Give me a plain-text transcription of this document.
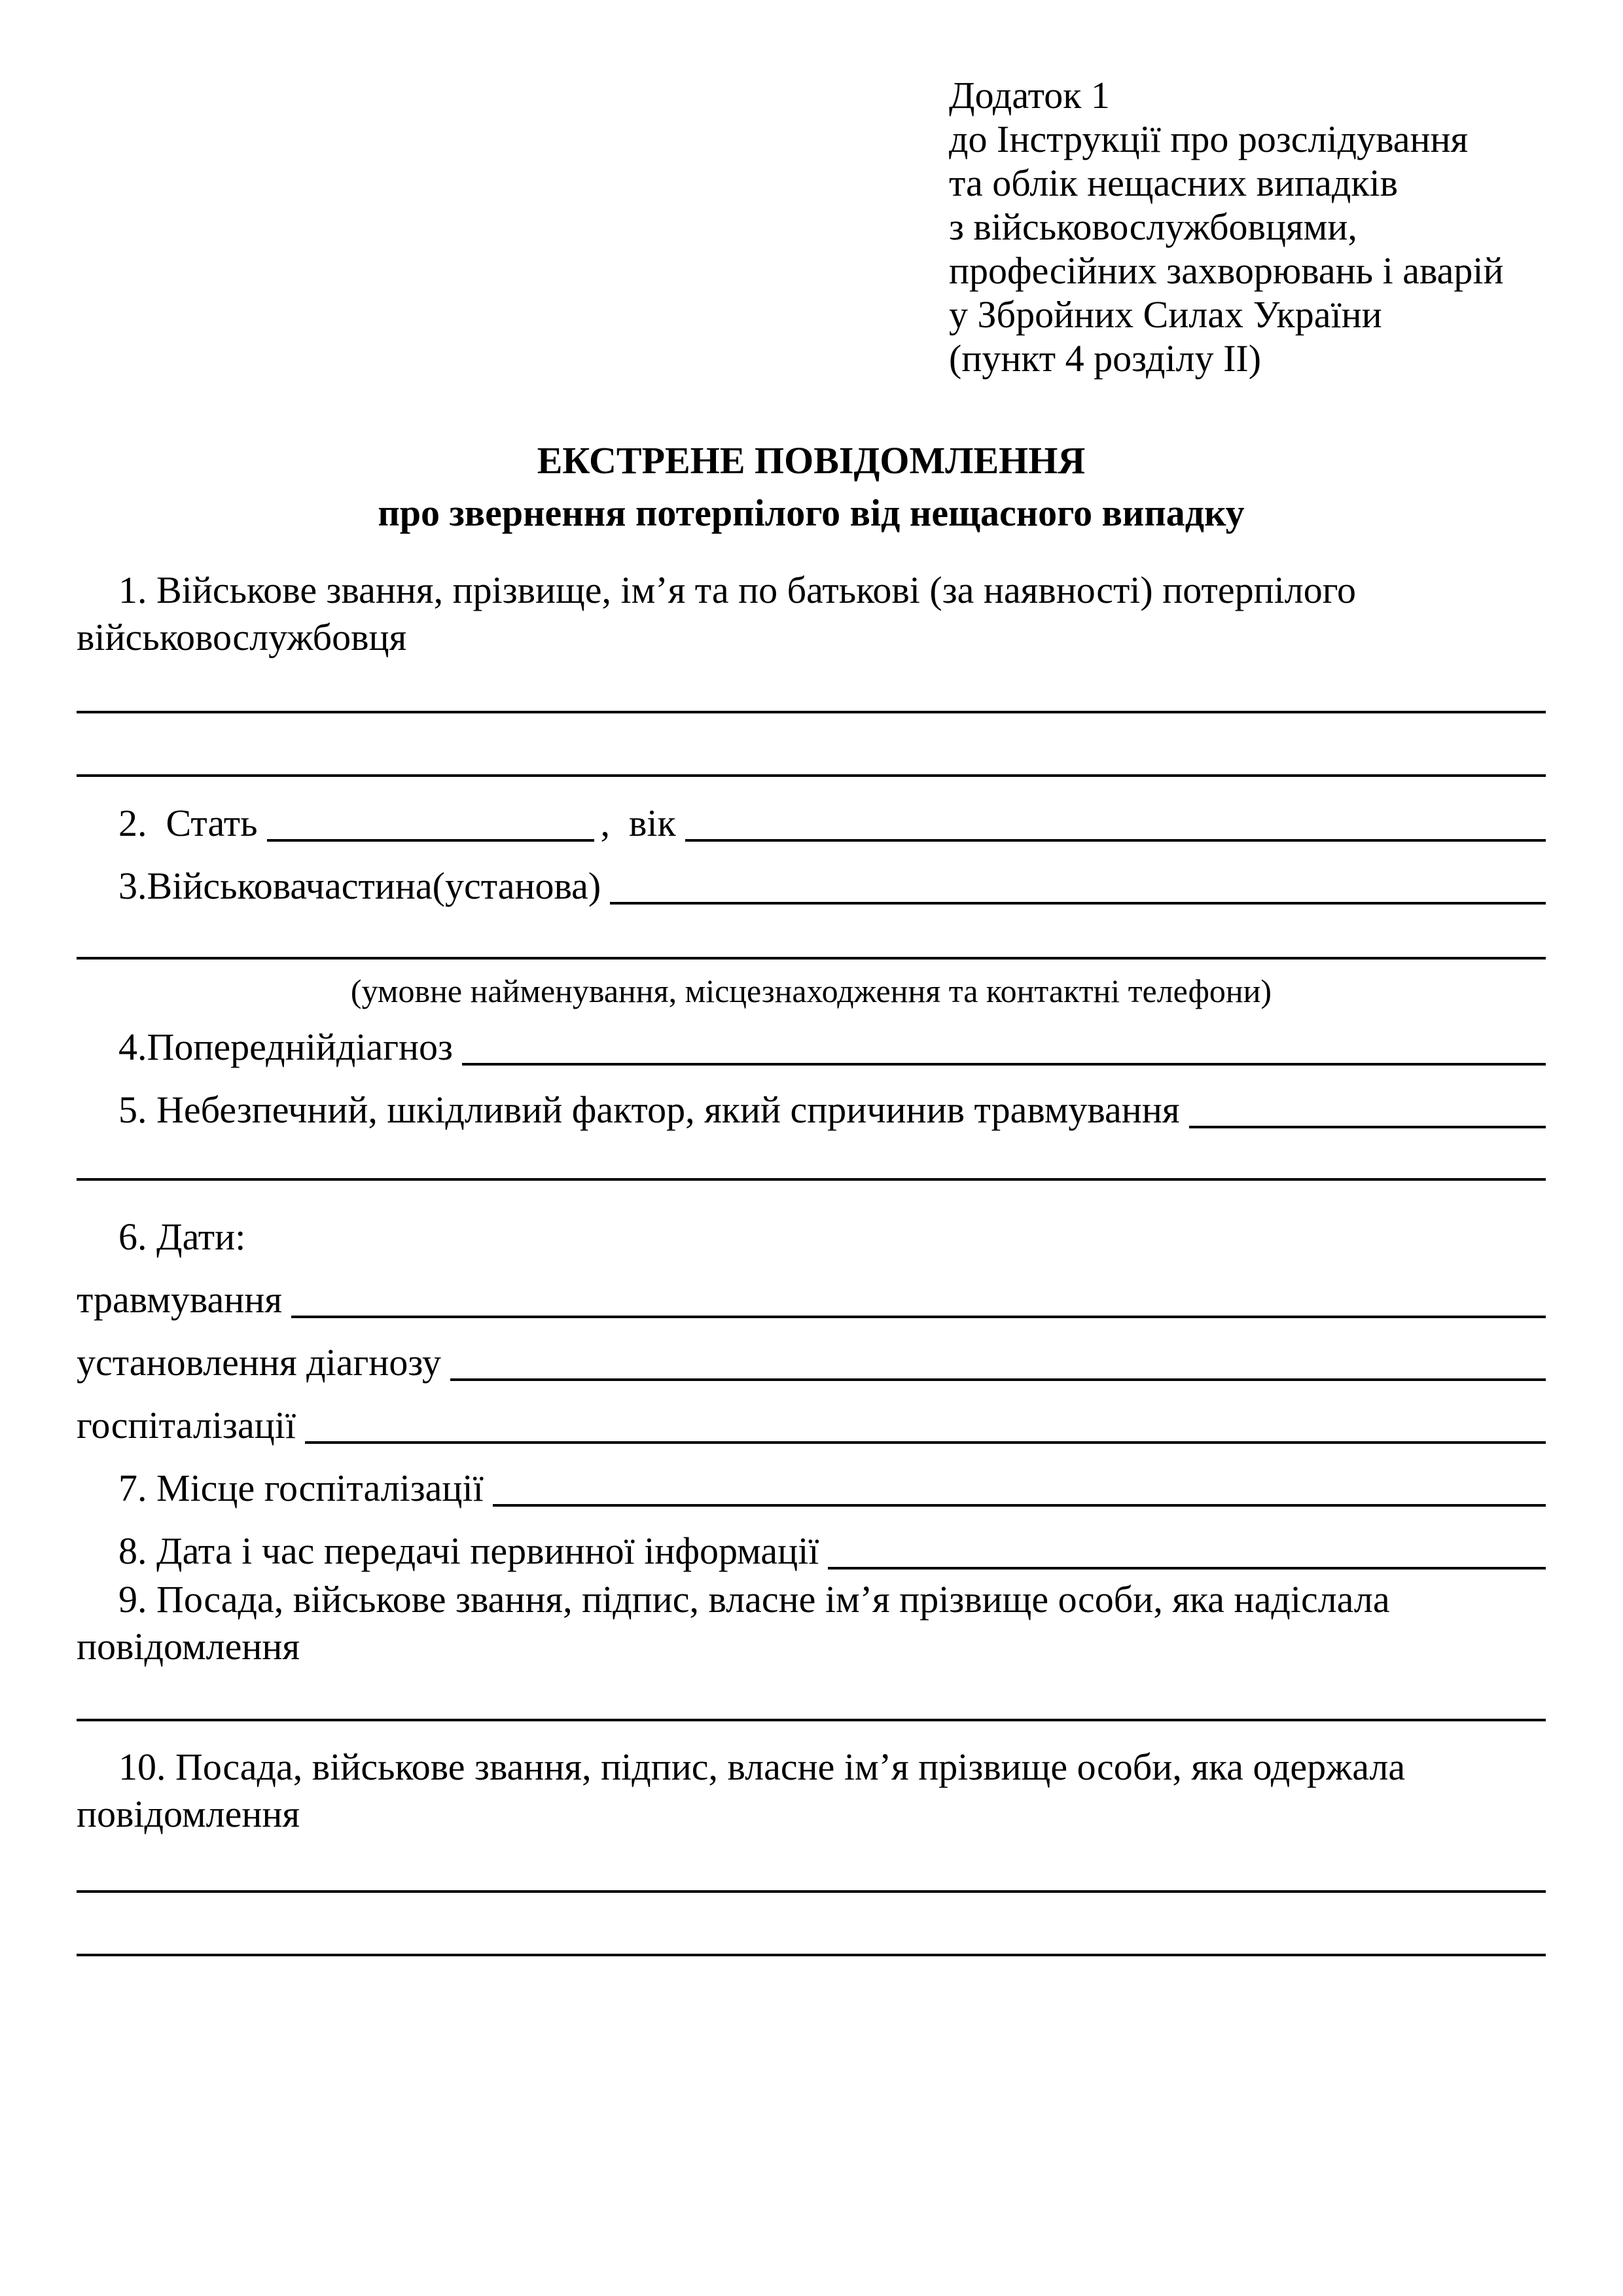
Додаток 1
до Інструкції про розслідування
та облік нещасних випадків
з військовослужбовцями,
професійних захворювань і аварій
у Збройних Силах України
(пункт 4 розділу ІІ)
ЕКСТРЕНЕ ПОВІДОМЛЕННЯ
про звернення потерпілого від нещасного випадку
1. Військове звання, прізвище, ім’я та по батькові (за наявності) потерпілого
військовослужбовця
2.  Стать	,  вік
3.Військовачастина(установа)
(умовне найменування, місцезнаходження та контактні телефони)
4.Попереднійдіагноз
5. Небезпечний, шкідливий фактор, який спричинив травмування
6. Дати:
травмування
установлення діагнозу
госпіталізації
7. Місце госпіталізації
8. Дата і час передачі первинної інформації
9. Посада, військове звання, підпис, власне ім’я прізвище особи, яка надіслала
повідомлення
10. Посада, військове звання, підпис, власне ім’я прізвище особи, яка одержала
повідомлення
